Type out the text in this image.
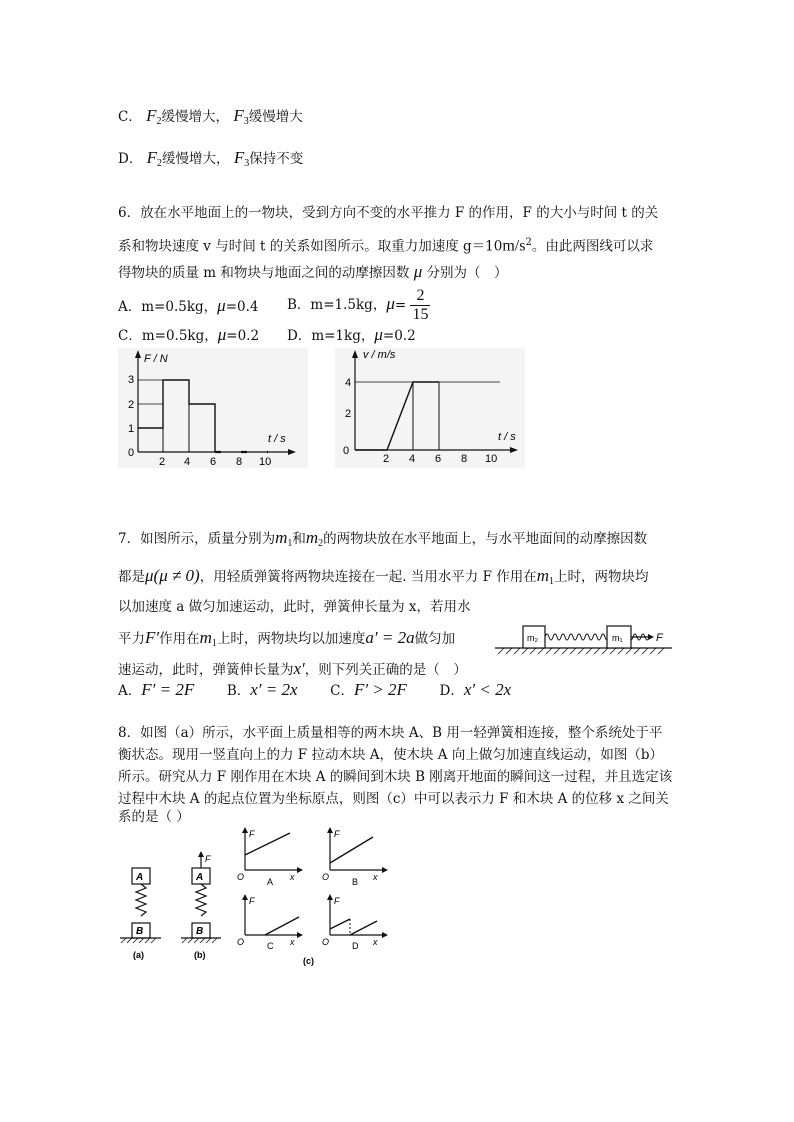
C． $F_2$缓慢增大， $F_3$缓慢增大
D． $F_2$缓慢增大， $F_3$保持不变
6．放在水平地面上的一物块，受到方向不变的水平推力 F 的作用，F 的大小与时间 t 的关
系和物块速度 v 与时间 t 的关系如图所示。取重力加速度 $g=10m/s^2$。由此两图线可以求
得物块的质量 m 和物块与地面之间的动摩擦因数 μ 分别为（　）
A．m=0.5kg，μ=0.4 B．m=1.5kg，$\mu= \frac{2}{15}$
C．m=0.5kg，μ=0.2 D．m=1kg，μ=0.2
F / N
t / s
0
1
2
3
2 4 6 8 10
v / m/s
t / s
0
2
4
2 4 6 8 10
7．如图所示，质量分别为$m_1$和$m_2$的两物块放在水平地面上，与水平地面间的动摩擦因数
都是μ(μ ≠ 0)，用轻质弹簧将两物块连接在一起. 当用水平力 F 作用在$m_1$上时，两物块均
以加速度 a 做匀加速运动，此时，弹簧伸长量为 x，若用水
平力F′作用在$m_1$上时，两物块均以加速度a′ = 2a做匀加
速运动，此时，弹簧伸长量为x′，则下列关正确的是（　）
A．F′ = 2F B．x′ = 2x C．F′ > 2F D．x′ < 2x
m₂	m₁	F
8．如图（a）所示，水平面上质量相等的两木块 A、B 用一轻弹簧相连接，整个系统处于平
衡状态。现用一竖直向上的力 F 拉动木块 A，使木块 A 向上做匀加速直线运动，如图（b）
所示。研究从力 F 刚作用在木块 A 的瞬间到木块 B 刚离开地面的瞬间这一过程，并且选定该
过程中木块 A 的起点位置为坐标原点，则图（c）中可以表示力 F 和木块 A 的位移 x 之间关
系的是（ ）
A
B
(a)
F
A
B
(b)
F
O	x
A
F
O	x
B
F
O	x
C
F
O	x
D
(c)
